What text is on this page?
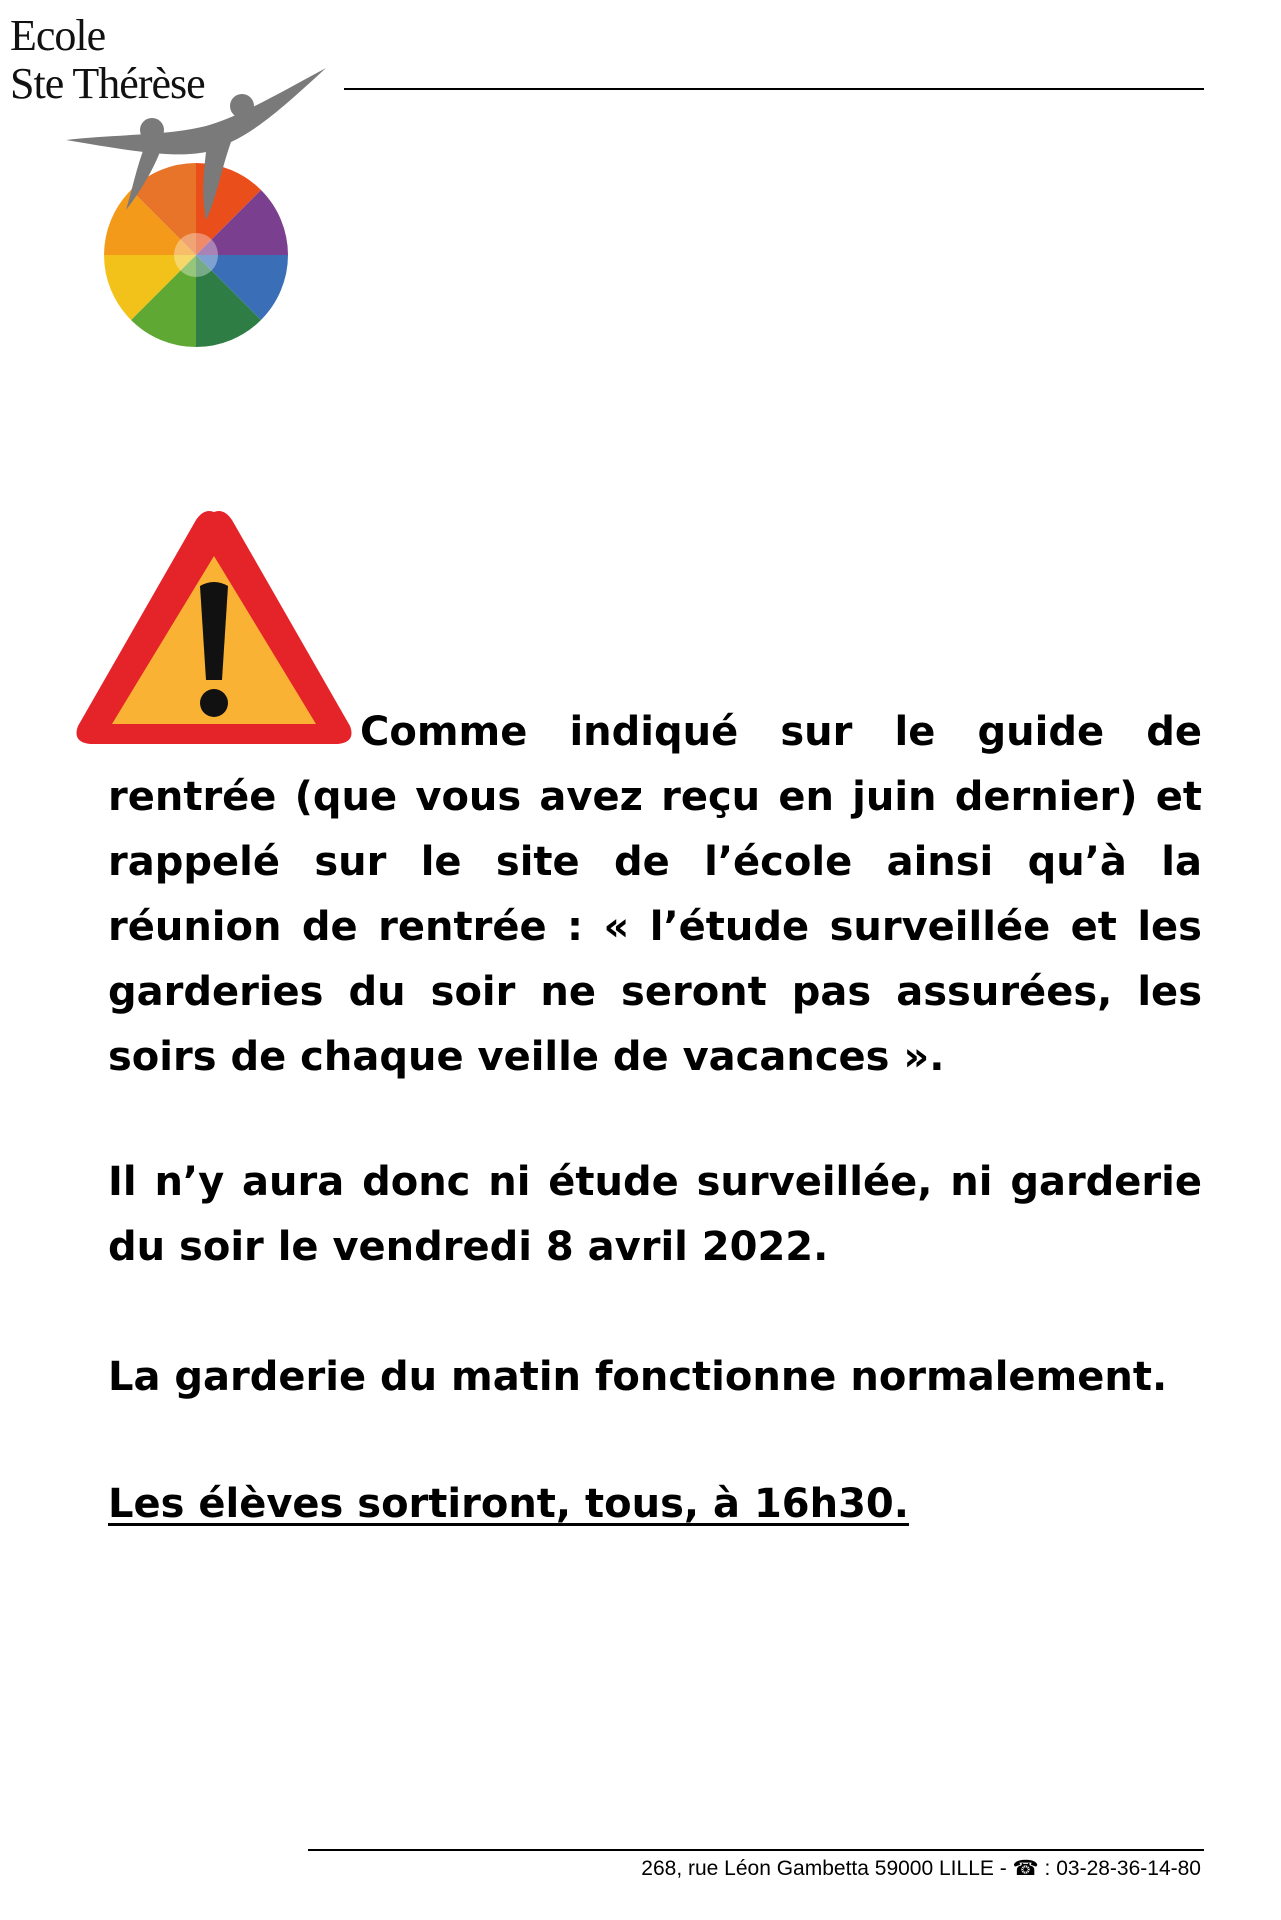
Ecole
Ste Thérèse
Comme indiqué sur le guide de rentrée (que vous avez reçu en juin dernier) et rappelé sur le site de l’école ainsi qu’à la réunion de rentrée : « l’étude surveillée et les garderies du soir ne seront pas assurées, les soirs de chaque veille de vacances ».
Il n’y aura donc ni étude surveillée, ni garderie du soir le vendredi 8 avril 2022.
La garderie du matin fonctionne normalement.
Les élèves sortiront, tous, à 16h30.
268, rue Léon Gambetta 59000 LILLE - ☎ : 03-28-36-14-80
